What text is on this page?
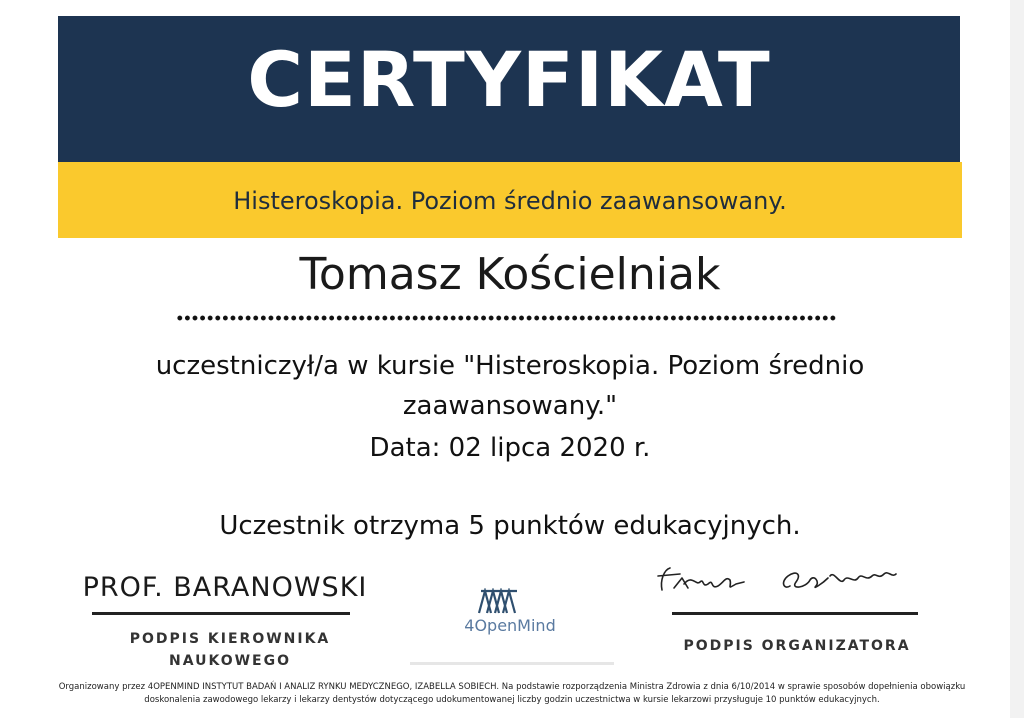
CERTYFIKAT
Histeroskopia. Poziom średnio zaawansowany.
Tomasz Kościelniak
uczestniczył/a w kursie "Histeroskopia. Poziom średnio zaawansowany."
Data: 02 lipca 2020 r.
Uczestnik otrzyma 5 punktów edukacyjnych.
PROF. BARANOWSKI
PODPIS KIEROWNIKA NAUKOWEGO
4OpenMind
PODPIS ORGANIZATORA
Organizowany przez 4OPENMIND INSTYTUT BADAŃ I ANALIZ RYNKU MEDYCZNEGO, IZABELLA SOBIECH. Na podstawie rozporządzenia Ministra Zdrowia z dnia 6/10/2014 w sprawie sposobów dopełnienia obowiązku doskonalenia zawodowego lekarzy i lekarzy dentystów dotyczącego udokumentowanej liczby godzin uczestnictwa w kursie lekarzowi przysługuje 10 punktów edukacyjnych.
